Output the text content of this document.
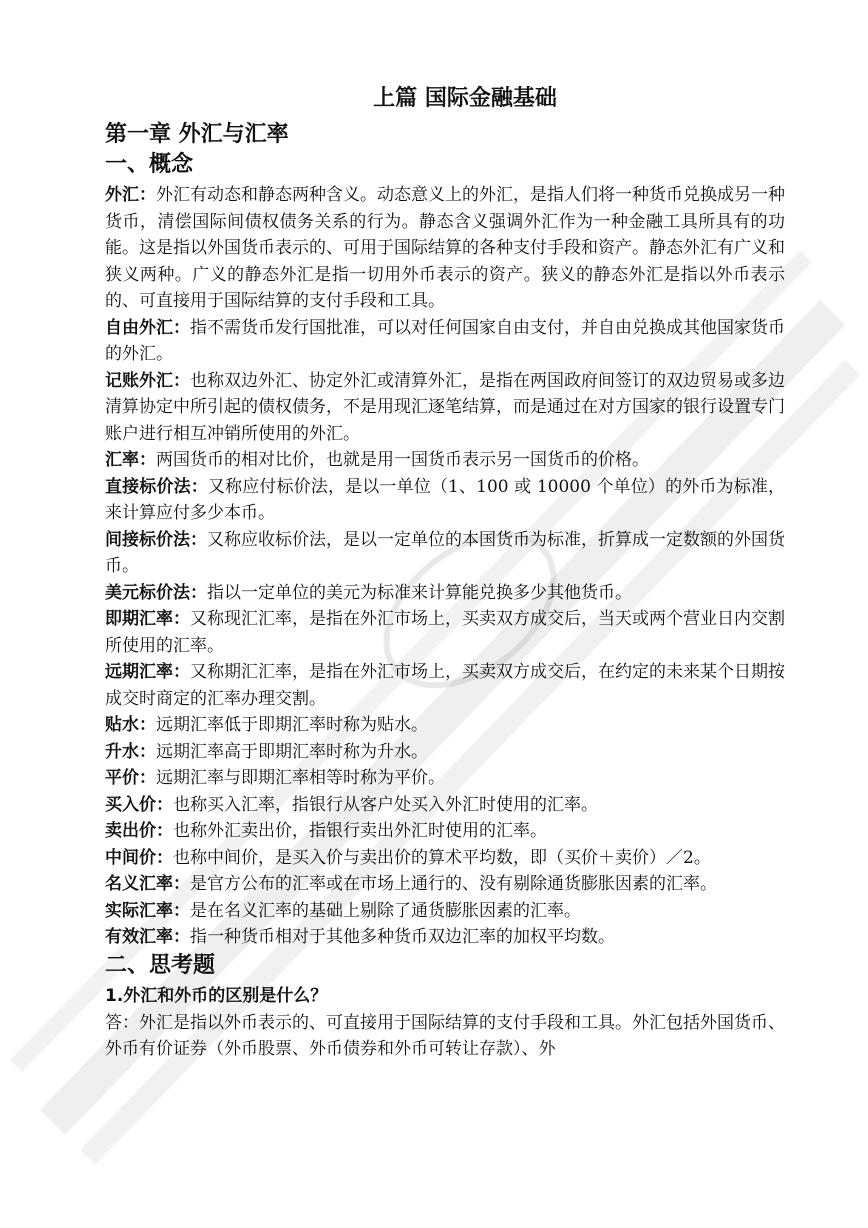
上篇 国际金融基础
第一章 外汇与汇率
一、概念

外汇：外汇有动态和静态两种含义。动态意义上的外汇，是指人们将一种货币兑换成另一种货币，清偿国际间债权债务关系的行为。静态含义强调外汇作为一种金融工具所具有的功能。这是指以外国货币表示的、可用于国际结算的各种支付手段和资产。静态外汇有广义和狭义两种。广义的静态外汇是指一切用外币表示的资产。狭义的静态外汇是指以外币表示的、可直接用于国际结算的支付手段和工具。

自由外汇：指不需货币发行国批准，可以对任何国家自由支付，并自由兑换成其他国家货币的外汇。

记账外汇：也称双边外汇、协定外汇或清算外汇，是指在两国政府间签订的双边贸易或多边清算协定中所引起的债权债务，不是用现汇逐笔结算，而是通过在对方国家的银行设置专门账户进行相互冲销所使用的外汇。

汇率：两国货币的相对比价，也就是用一国货币表示另一国货币的价格。

直接标价法：又称应付标价法，是以一单位（1、100 或 10000 个单位）的外币为标准，来计算应付多少本币。

间接标价法：又称应收标价法，是以一定单位的本国货币为标准，折算成一定数额的外国货币。

美元标价法：指以一定单位的美元为标准来计算能兑换多少其他货币。

即期汇率：又称现汇汇率，是指在外汇市场上，买卖双方成交后，当天或两个营业日内交割所使用的汇率。

远期汇率：又称期汇汇率，是指在外汇市场上，买卖双方成交后，在约定的未来某个日期按成交时商定的汇率办理交割。

贴水：远期汇率低于即期汇率时称为贴水。

升水：远期汇率高于即期汇率时称为升水。

平价：远期汇率与即期汇率相等时称为平价。

买入价：也称买入汇率，指银行从客户处买入外汇时使用的汇率。

卖出价：也称外汇卖出价，指银行卖出外汇时使用的汇率。

中间价：也称中间价，是买入价与卖出价的算术平均数，即（买价＋卖价）／2。

名义汇率：是官方公布的汇率或在市场上通行的、没有剔除通货膨胀因素的汇率。

实际汇率：是在名义汇率的基础上剔除了通货膨胀因素的汇率。

有效汇率：指一种货币相对于其他多种货币双边汇率的加权平均数。

二、思考题

1.外汇和外币的区别是什么？

答：外汇是指以外币表示的、可直接用于国际结算的支付手段和工具。外汇包括外国货币、外币有价证券（外币股票、外币债券和外币可转让存款）、外
